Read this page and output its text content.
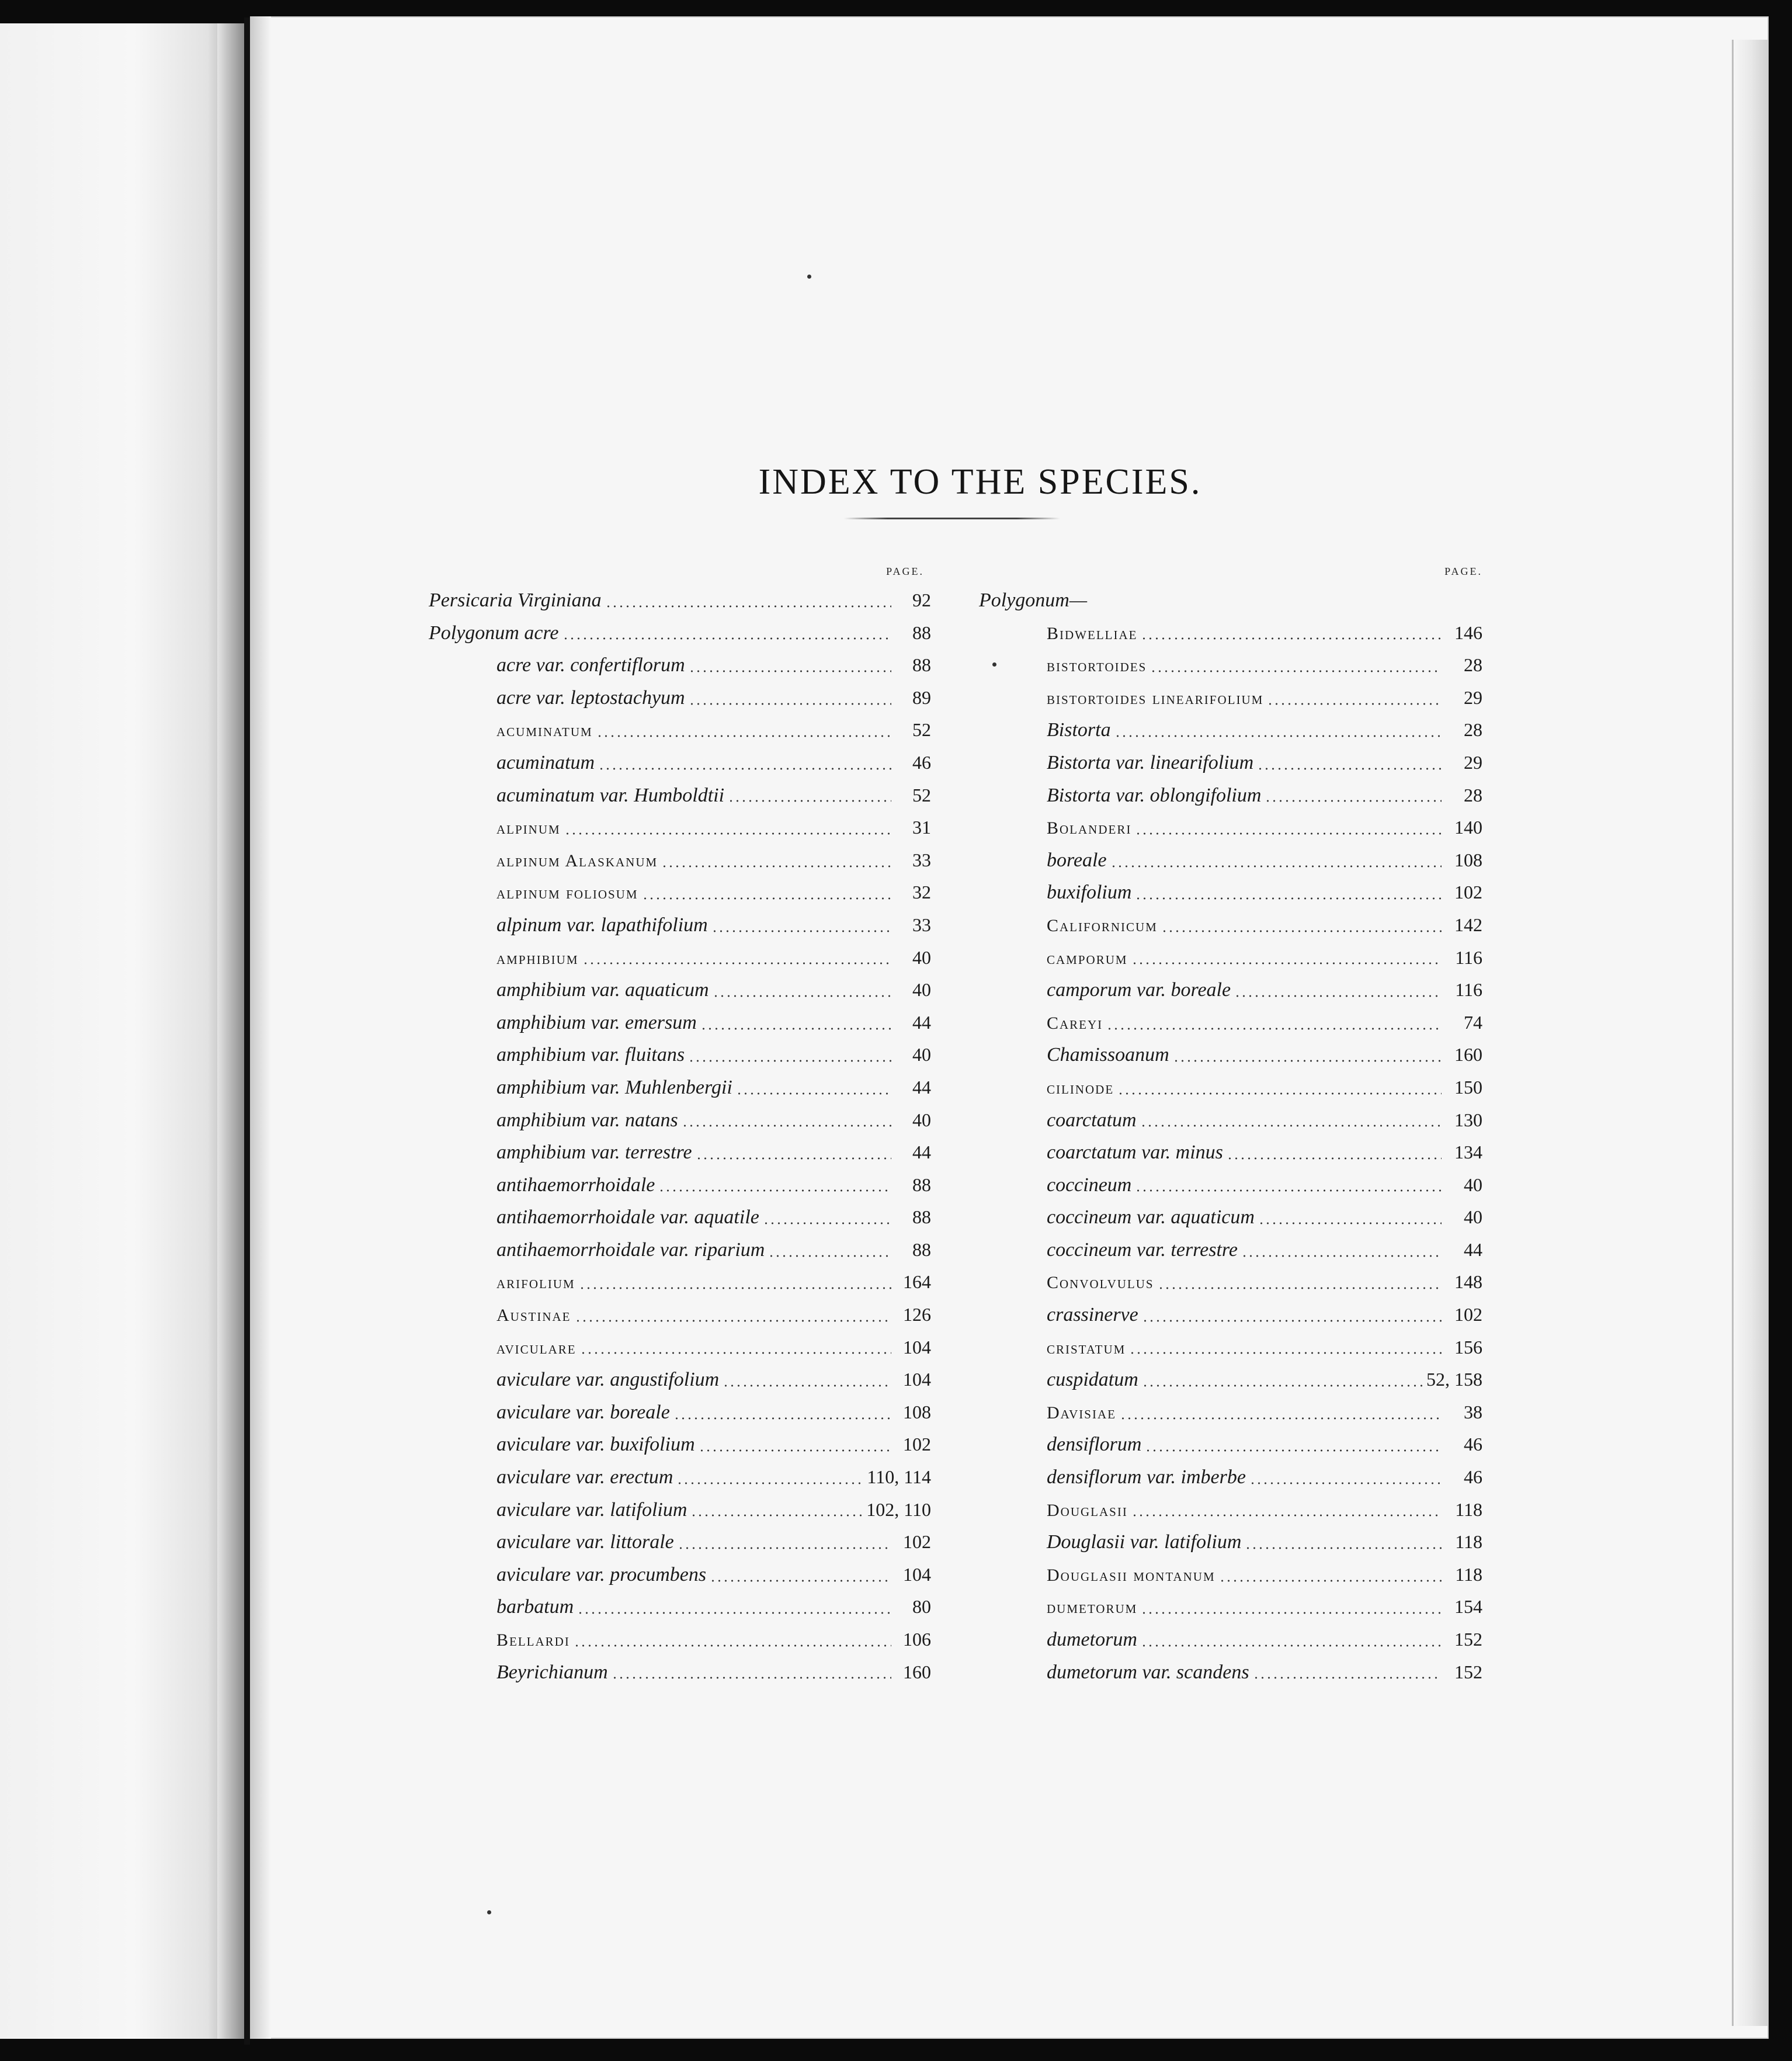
INDEX TO THE SPECIES.
PAGE.
Persicaria Virginiana	92
Polygonum acre	88
acre var. confertiflorum	88
acre var. leptostachyum	89
acuminatum	52
acuminatum	46
acuminatum var. Humboldtii	52
alpinum	31
alpinum Alaskanum	33
alpinum foliosum	32
alpinum var. lapathifolium	33
amphibium	40
amphibium var. aquaticum	40
amphibium var. emersum	44
amphibium var. fluitans	40
amphibium var. Muhlenbergii	44
amphibium var. natans	40
amphibium var. terrestre	44
antihaemorrhoidale	88
antihaemorrhoidale var. aquatile	88
antihaemorrhoidale var. riparium	88
arifolium	164
Austinae	126
aviculare	104
aviculare var. angustifolium	104
aviculare var. boreale	108
aviculare var. buxifolium	102
aviculare var. erectum	110, 114
aviculare var. latifolium	102, 110
aviculare var. littorale	102
aviculare var. procumbens	104
barbatum	80
Bellardi	106
Beyrichianum	160
PAGE.
Polygonum—
Bidwelliae	146
bistortoides	28
bistortoides linearifolium	29
Bistorta	28
Bistorta var. linearifolium	29
Bistorta var. oblongifolium	28
Bolanderi	140
boreale	108
buxifolium	102
Californicum	142
camporum	116
camporum var. boreale	116
Careyi	74
Chamissoanum	160
cilinode	150
coarctatum	130
coarctatum var. minus	134
coccineum	40
coccineum var. aquaticum	40
coccineum var. terrestre	44
Convolvulus	148
crassinerve	102
cristatum	156
cuspidatum	52, 158
Davisiae	38
densiflorum	46
densiflorum var. imberbe	46
Douglasii	118
Douglasii var. latifolium	118
Douglasii montanum	118
dumetorum	154
dumetorum	152
dumetorum var. scandens	152
